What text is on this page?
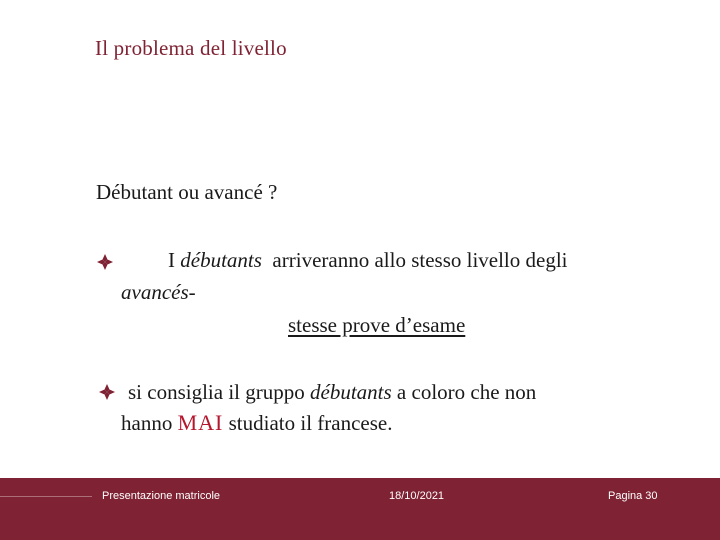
Il problema del livello
Débutant ou avancé ?
I débutants  arriveranno allo stesso livello degli
avancés-
stesse prove d’esame
si consiglia il gruppo débutants a coloro che non
hanno MAI studiato il francese.
Presentazione matricole	18/10/2021	Pagina 30
